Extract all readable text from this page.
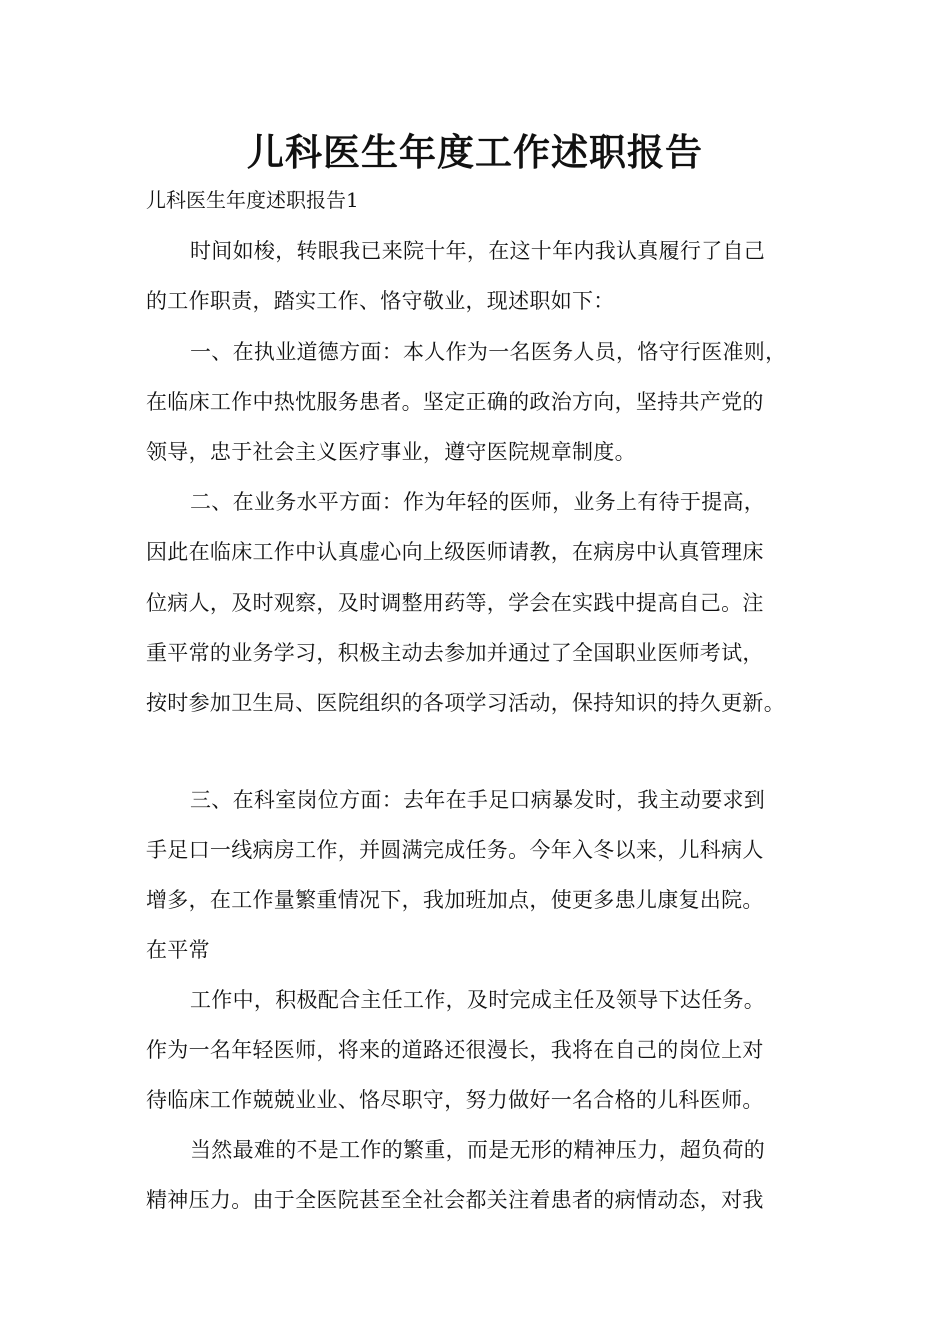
儿科医生年度工作述职报告
儿科医生年度述职报告1
时间如梭，转眼我已来院十年，在这十年内我认真履行了自己
的工作职责，踏实工作、恪守敬业，现述职如下：
一、在执业道德方面：本人作为一名医务人员，恪守行医准则，
在临床工作中热忱服务患者。坚定正确的政治方向，坚持共产党的
领导，忠于社会主义医疗事业，遵守医院规章制度。
二、在业务水平方面：作为年轻的医师，业务上有待于提高，
因此在临床工作中认真虚心向上级医师请教，在病房中认真管理床
位病人，及时观察，及时调整用药等，学会在实践中提高自己。注
重平常的业务学习，积极主动去参加并通过了全国职业医师考试，
按时参加卫生局、医院组织的各项学习活动，保持知识的持久更新。
三、在科室岗位方面：去年在手足口病暴发时，我主动要求到
手足口一线病房工作，并圆满完成任务。今年入冬以来，儿科病人
增多，在工作量繁重情况下，我加班加点，使更多患儿康复出院。
在平常
工作中，积极配合主任工作，及时完成主任及领导下达任务。
作为一名年轻医师，将来的道路还很漫长，我将在自己的岗位上对
待临床工作兢兢业业、恪尽职守，努力做好一名合格的儿科医师。
当然最难的不是工作的繁重，而是无形的精神压力，超负荷的
精神压力。由于全医院甚至全社会都关注着患者的病情动态，对我
